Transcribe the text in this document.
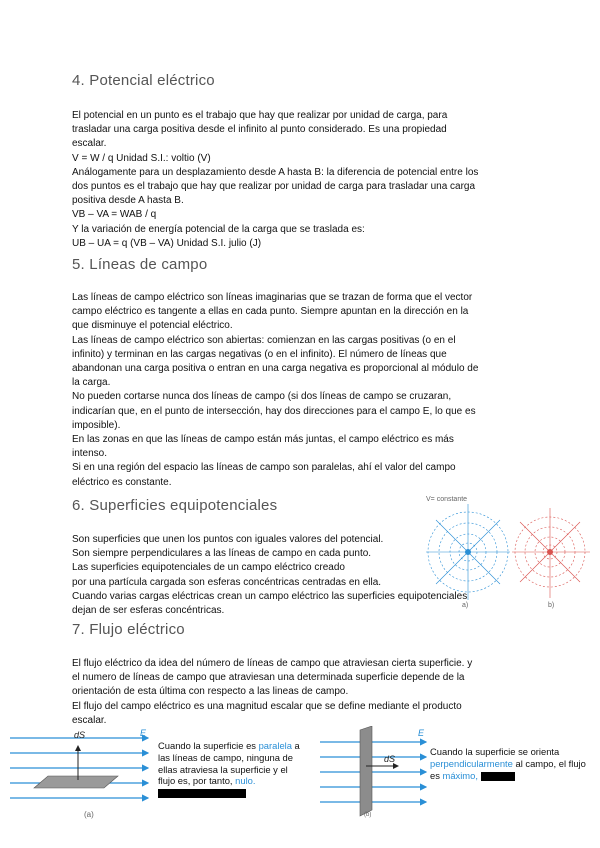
4. Potencial eléctrico

El potencial en un punto es el trabajo que hay que realizar por unidad de carga, para

trasladar una carga positiva desde el infinito al punto considerado. Es una propiedad

escalar.

V = W / q Unidad S.I.: voltio (V)

Análogamente para un desplazamiento desde A hasta B: la diferencia de potencial entre los

dos puntos es el trabajo que hay que realizar por unidad de carga para trasladar una carga

positiva desde A hasta B.

VB – VA = WAB / q

Y la variación de energía potencial de la carga que se traslada es:

UB – UA = q (VB – VA) Unidad S.I. julio (J)

5. Líneas de campo

Las líneas de campo eléctrico son líneas imaginarias que se trazan de forma que el vector

campo eléctrico es tangente a ellas en cada punto. Siempre apuntan en la dirección en la

que disminuye el potencial eléctrico.

Las líneas de campo eléctrico son abiertas: comienzan en las cargas positivas (o en el

infinito) y terminan en las cargas negativas (o en el infinito). El número de líneas que

abandonan una carga positiva o entran en una carga negativa es proporcional al módulo de

la carga.

No pueden cortarse nunca dos líneas de campo (si dos líneas de campo se cruzaran,

indicarían que, en el punto de intersección, hay dos direcciones para el campo E, lo que es

imposible).

En las zonas en que las líneas de campo están más juntas, el campo eléctrico es más

intenso.

Si en una región del espacio las líneas de campo son paralelas, ahí el valor del campo

eléctrico es constante.

6. Superficies equipotenciales

Son superficies que unen los puntos con iguales valores del potencial.

Son siempre perpendiculares a las líneas de campo en cada punto.

Las superficies equipotenciales de un campo eléctrico creado

por una partícula cargada son esferas concéntricas centradas en ella.

Cuando varias cargas eléctricas crean un campo eléctrico las superficies equipotenciales

dejan de ser esferas concéntricas.

V= constante
a)	b)
7. Flujo eléctrico

El flujo eléctrico da idea del número de líneas de campo que atraviesan cierta superficie. y

el numero de líneas de campo que atraviesan una determinada superficie depende de la

orientación de esta última con respecto a las lineas de campo.

El flujo del campo eléctrico es una magnitud escalar que se define mediante el producto

escalar.

dS	E
(a)
Cuando la superficie es paralela a las líneas de campo, ninguna de ellas atraviesa la superficie y el flujo es, por tanto, nulo.
dS
E
(b)
Cuando la superficie se orienta perpendicularmente al campo, el flujo es máximo,
